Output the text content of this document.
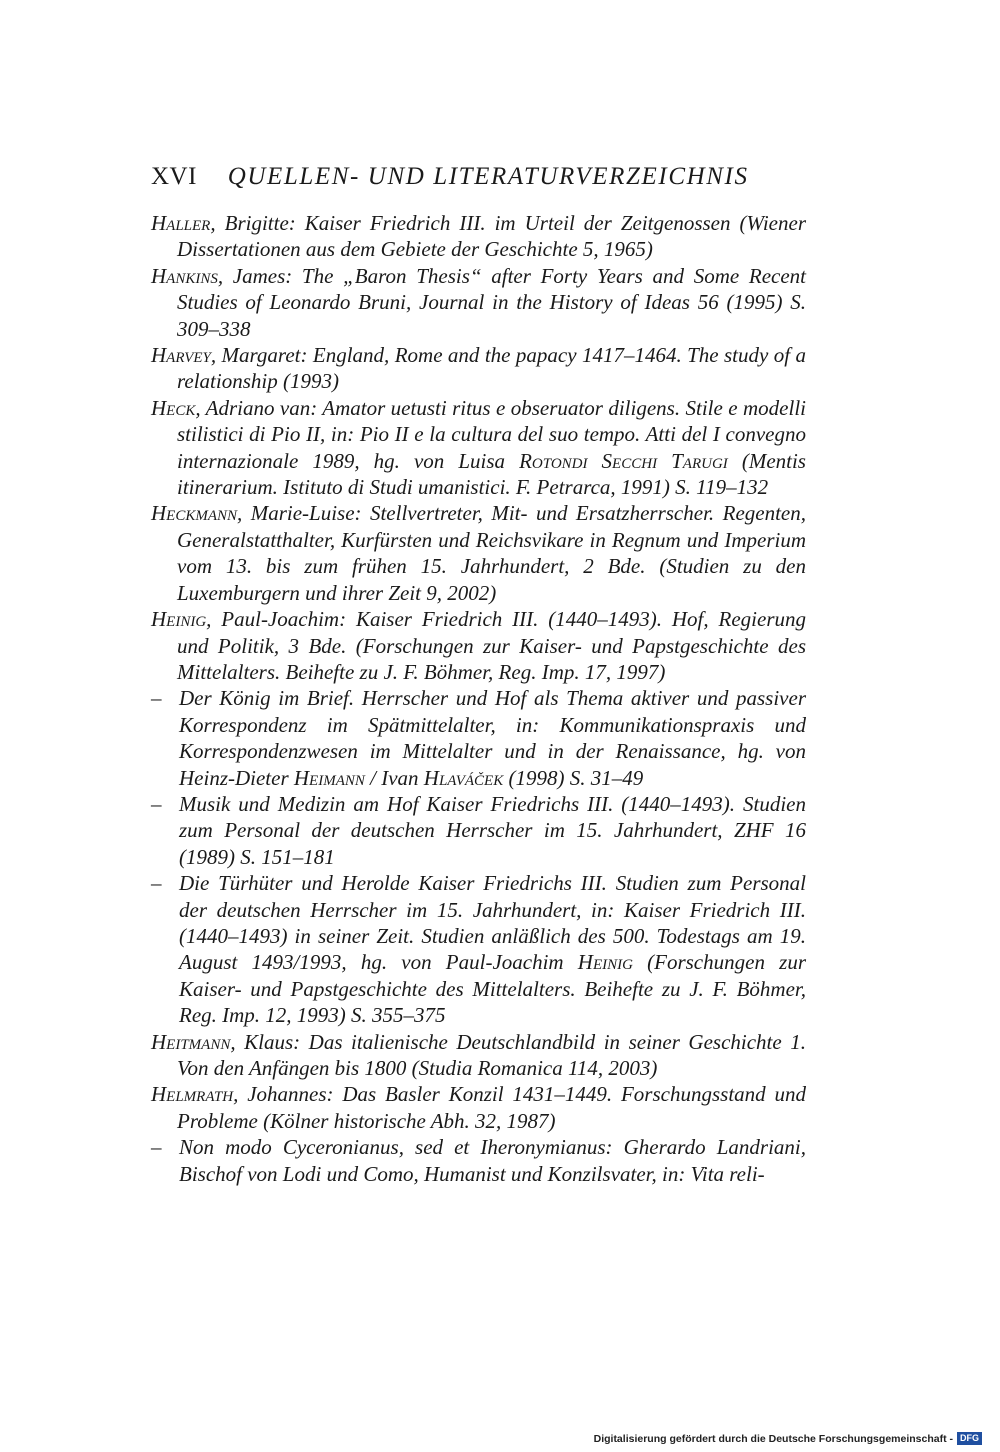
XVI QUELLEN- UND LITERATURVERZEICHNIS
Haller, Brigitte: Kaiser Friedrich III. im Urteil der Zeitgenossen (Wiener Dissertationen aus dem Gebiete der Geschichte 5, 1965)
Hankins, James: The „Baron Thesis“ after Forty Years and Some Recent Studies of Leonardo Bruni, Journal in the History of Ideas 56 (1995) S. 309–338
Harvey, Margaret: England, Rome and the papacy 1417–1464. The study of a relationship (1993)
Heck, Adriano van: Amator uetusti ritus e obseruator diligens. Stile e modelli stilistici di Pio II, in: Pio II e la cultura del suo tempo. Atti del I convegno internazionale 1989, hg. von Luisa Rotondi Secchi Tarugi (Mentis itinerarium. Istituto di Studi umanistici. F. Petrarca, 1991) S. 119–132
Heckmann, Marie-Luise: Stellvertreter, Mit- und Ersatzherrscher. Regenten, Generalstatthalter, Kurfürsten und Reichsvikare in Regnum und Imperium vom 13. bis zum frühen 15. Jahrhundert, 2 Bde. (Studien zu den Luxemburgern und ihrer Zeit 9, 2002)
Heinig, Paul-Joachim: Kaiser Friedrich III. (1440–1493). Hof, Regierung und Politik, 3 Bde. (Forschungen zur Kaiser- und Papstgeschichte des Mittelalters. Beihefte zu J. F. Böhmer, Reg. Imp. 17, 1997)
– Der König im Brief. Herrscher und Hof als Thema aktiver und passiver Korrespondenz im Spätmittelalter, in: Kommunikationspraxis und Korrespondenzwesen im Mittelalter und in der Renaissance, hg. von Heinz-Dieter Heimann / Ivan Hlaváček (1998) S. 31–49
– Musik und Medizin am Hof Kaiser Friedrichs III. (1440–1493). Studien zum Personal der deutschen Herrscher im 15. Jahrhundert, ZHF 16 (1989) S. 151–181
– Die Türhüter und Herolde Kaiser Friedrichs III. Studien zum Personal der deutschen Herrscher im 15. Jahrhundert, in: Kaiser Friedrich III. (1440–1493) in seiner Zeit. Studien anläßlich des 500. Todestags am 19. August 1493/1993, hg. von Paul-Joachim Heinig (Forschungen zur Kaiser- und Papstgeschichte des Mittelalters. Beihefte zu J. F. Böhmer, Reg. Imp. 12, 1993) S. 355–375
Heitmann, Klaus: Das italienische Deutschlandbild in seiner Geschichte 1. Von den Anfängen bis 1800 (Studia Romanica 114, 2003)
Helmrath, Johannes: Das Basler Konzil 1431–1449. Forschungsstand und Probleme (Kölner historische Abh. 32, 1987)
– Non modo Cyceronianus, sed et Iheronymianus: Gherardo Landriani, Bischof von Lodi und Como, Humanist und Konzilsvater, in: Vita reli-
Digitalisierung gefördert durch die Deutsche Forschungsgemeinschaft - DFG
